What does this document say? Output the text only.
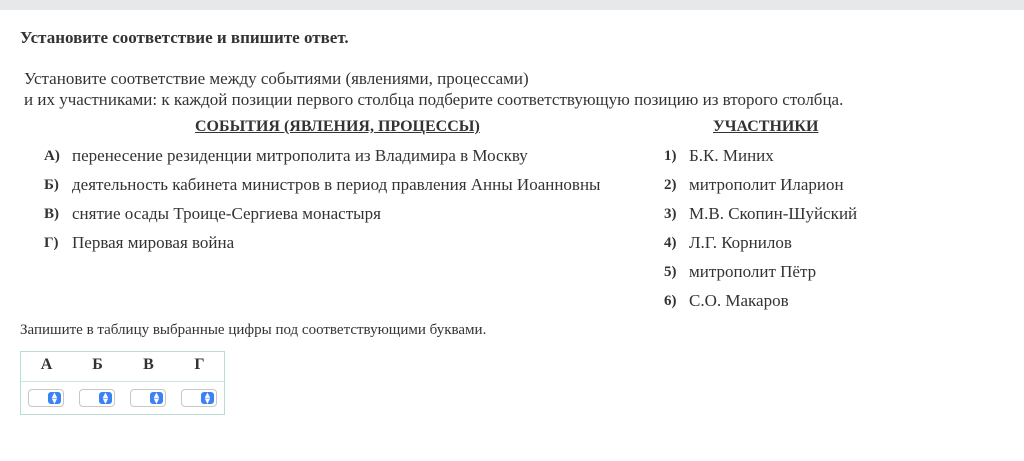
Установите соответствие и впишите ответ.
Установите соответствие между событиями (явлениями, процессами)
и их участниками: к каждой позиции первого столбца подберите соответствующую позицию из второго столбца.
СОБЫТИЯ (ЯВЛЕНИЯ, ПРОЦЕССЫ)	УЧАСТНИКИ
А) перенесение резиденции митрополита из Владимира в Москву
Б) деятельность кабинета министров в период правления Анны Иоанновны
В) снятие осады Троице-Сергиева монастыря
Г) Первая мировая война
1) Б.К. Миних
2) митрополит Иларион
3) М.В. Скопин-Шуйский
4) Л.Г. Корнилов
5) митрополит Пётр
6) С.О. Макаров
Запишите в таблицу выбранные цифры под соответствующими буквами.
А	Б	В	Г
▲
▼
▲
▼
▲
▼
▲
▼
